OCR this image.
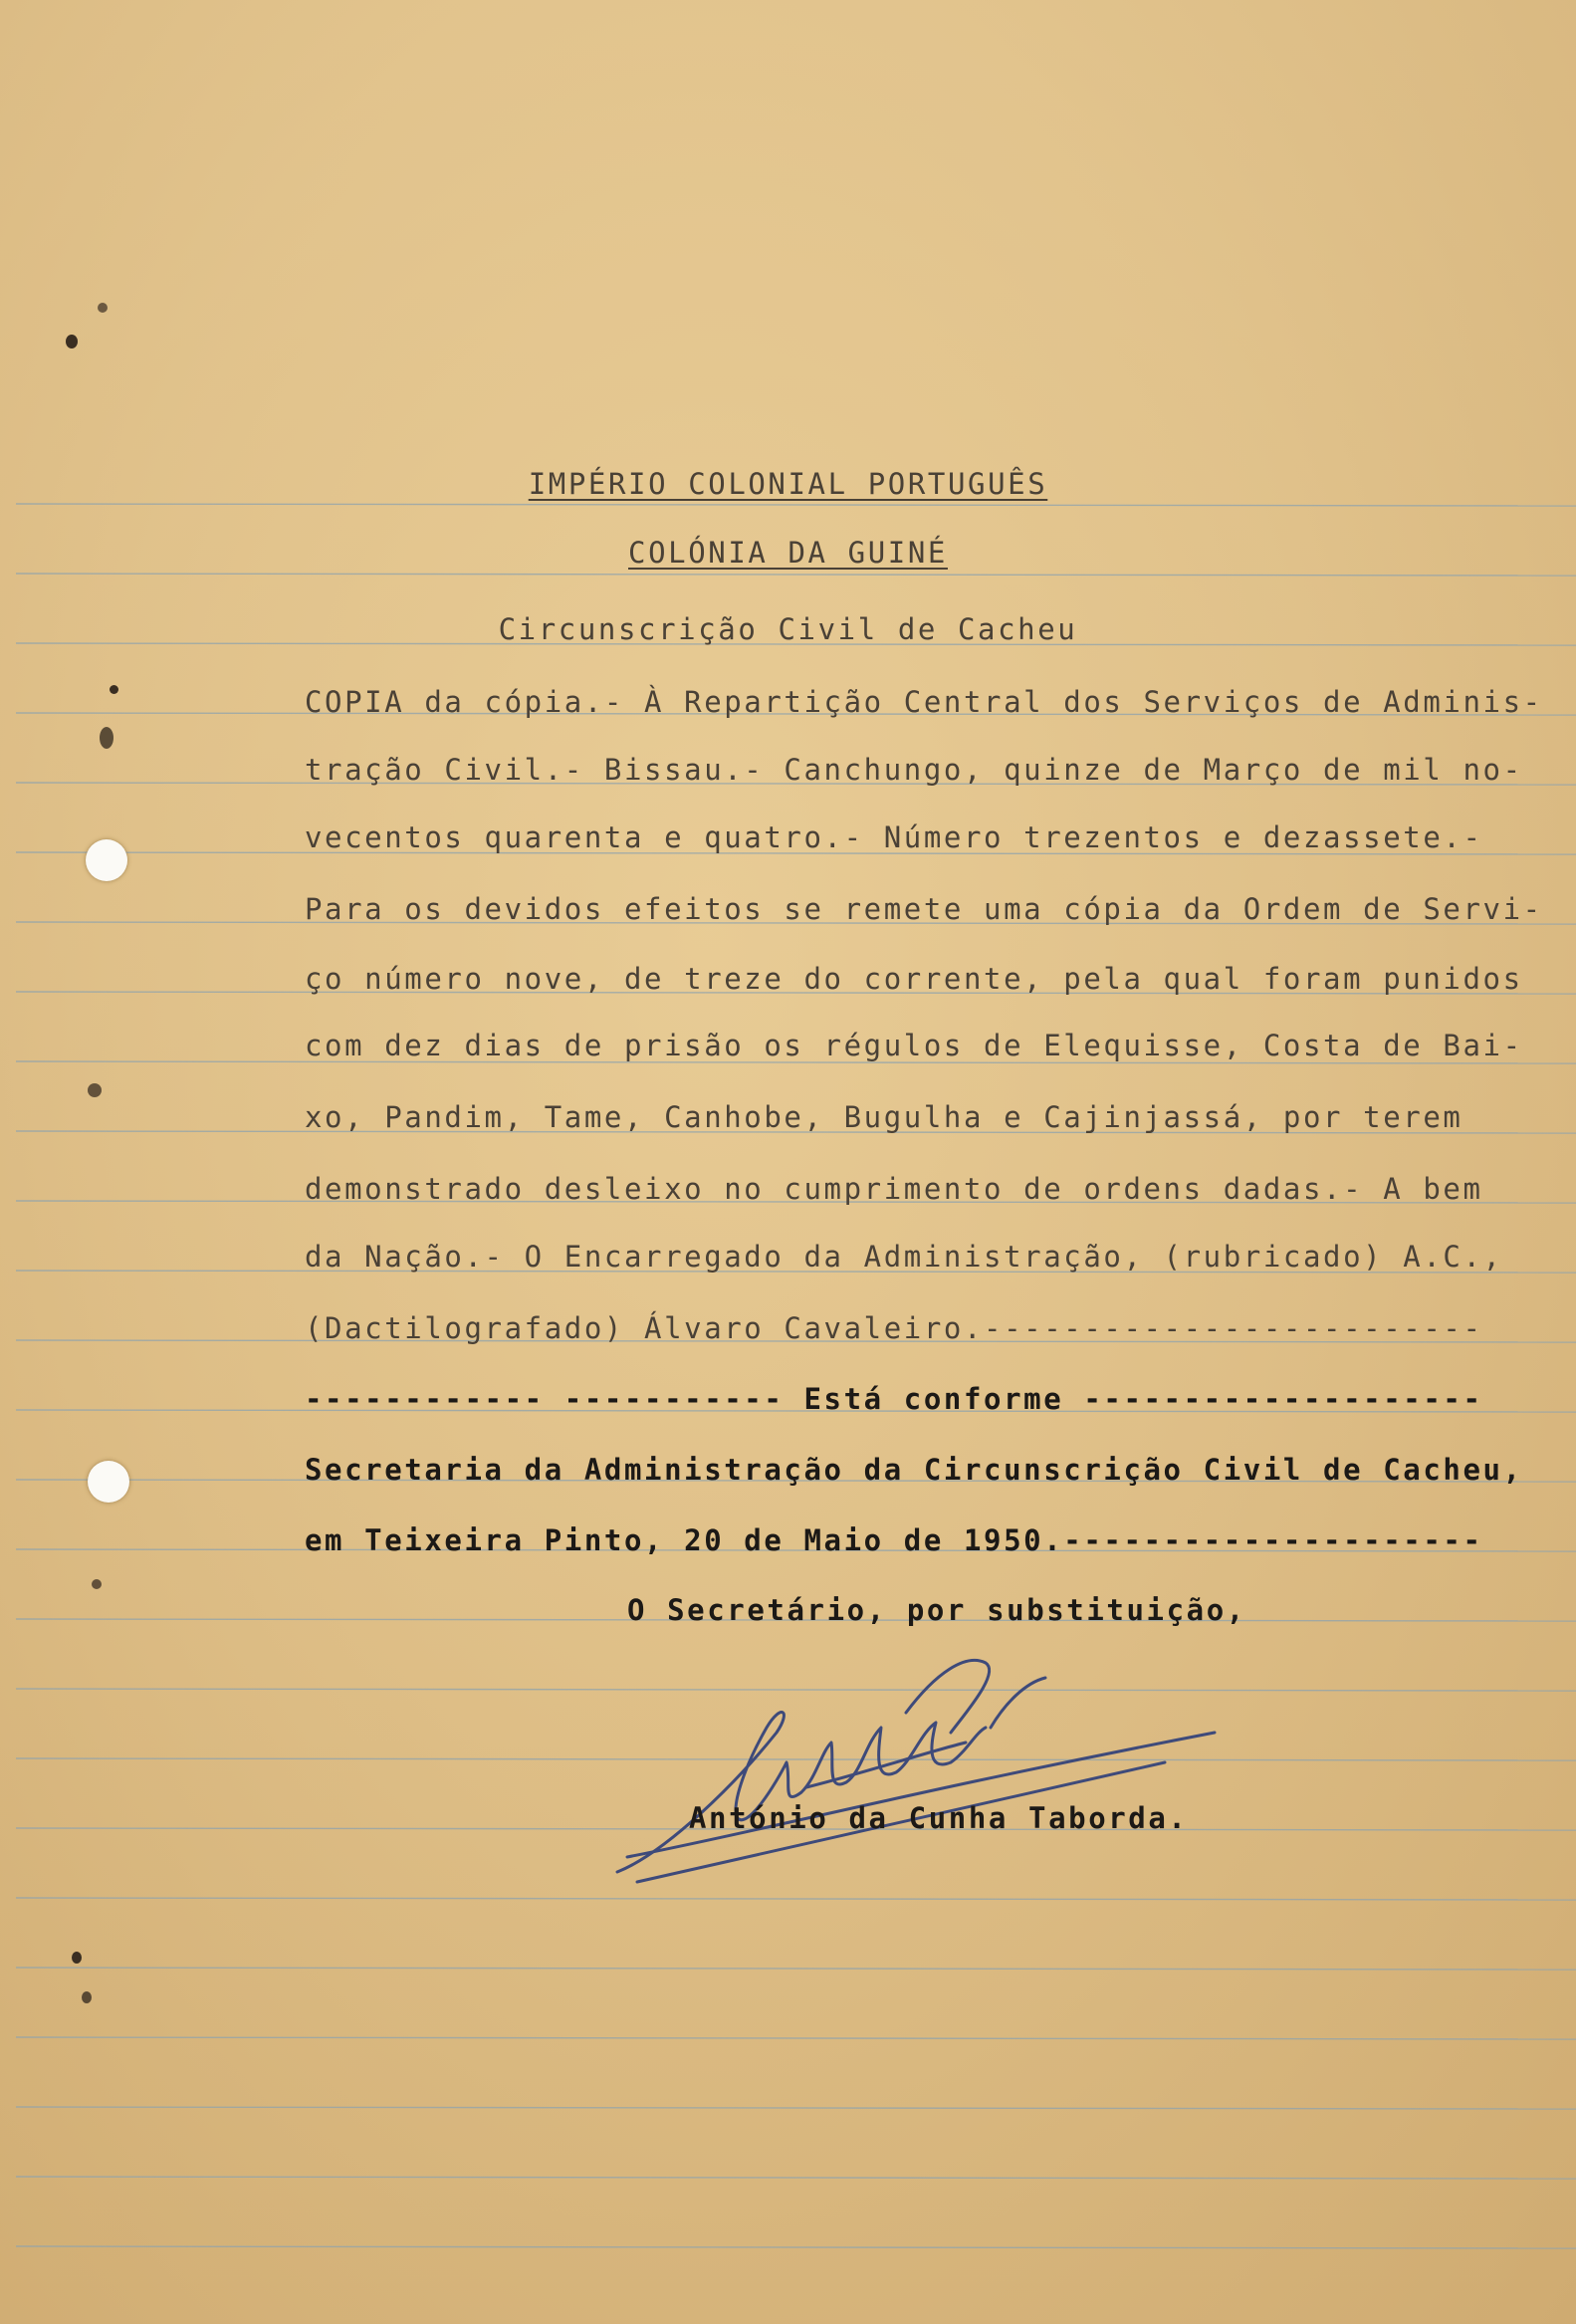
IMPÉRIO COLONIAL PORTUGUÊS
COLÓNIA DA GUINÉ
Circunscrição Civil de Cacheu
COPIA da cópia.- À Repartição Central dos Serviços de Adminis-
tração Civil.- Bissau.- Canchungo, quinze de Março de mil no-
vecentos quarenta e quatro.- Número trezentos e dezassete.-
Para os devidos efeitos se remete uma cópia da Ordem de Servi-
ço número nove, de treze do corrente, pela qual foram punidos
com dez dias de prisão os régulos de Elequisse, Costa de Bai-
xo, Pandim, Tame, Canhobe, Bugulha e Cajinjassá, por terem
demonstrado desleixo no cumprimento de ordens dadas.- A bem
da Nação.- O Encarregado da Administração, (rubricado) A.C.,
(Dactilografado) Álvaro Cavaleiro.-------------------------
------------ ----------- Está conforme --------------------
Secretaria da Administração da Circunscrição Civil de Cacheu,
em Teixeira Pinto, 20 de Maio de 1950.---------------------
O Secretário, por substituição,
António da Cunha Taborda.
